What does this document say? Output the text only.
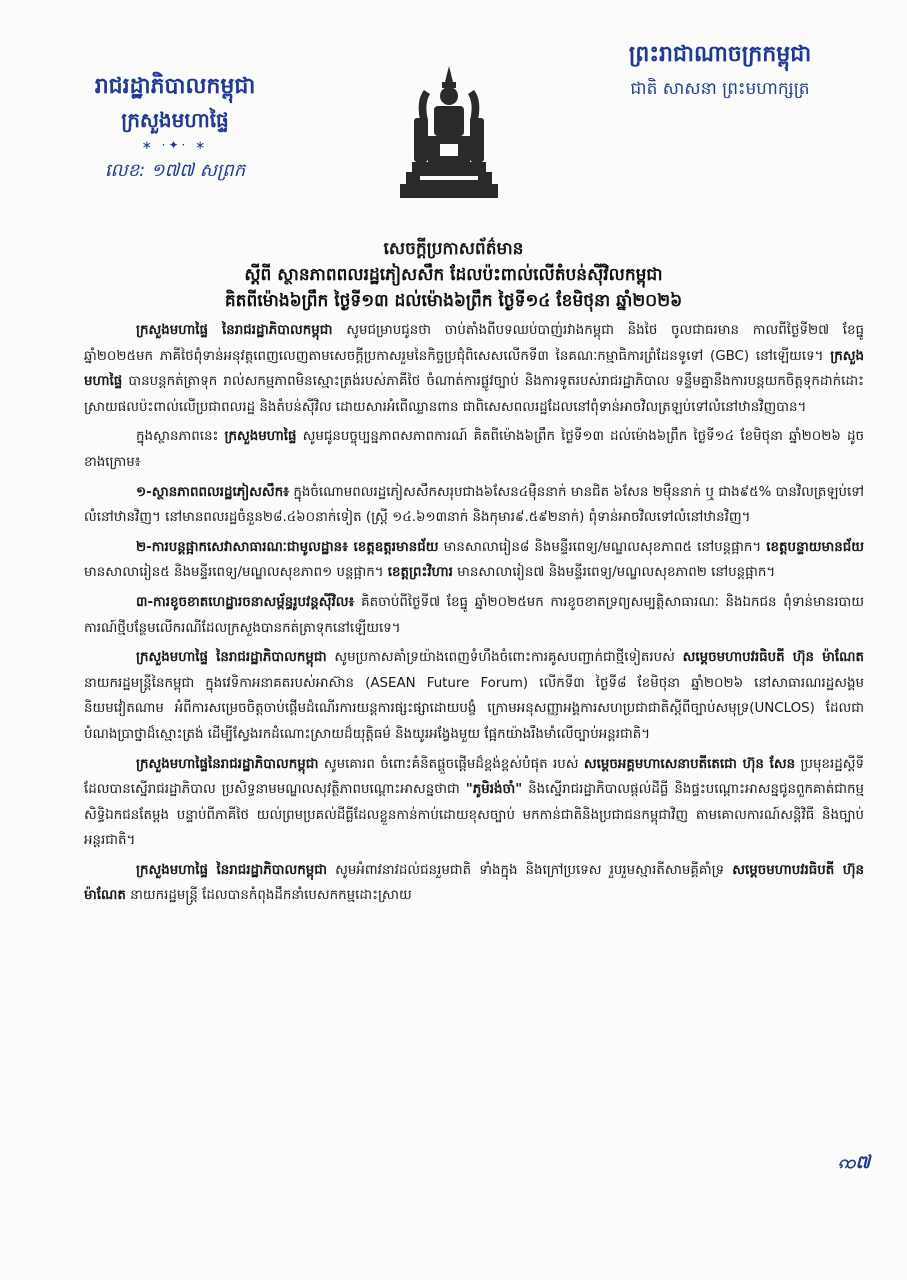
រាជរដ្ឋាភិបាលកម្ពុជា
ក្រសួងមហាផ្ទៃ
∗ ·✦· ∗
លេខ: ១៧៧ សព្រក
ព្រះរាជាណាចក្រកម្ពុជា
ជាតិ សាសនា ព្រះមហាក្សត្រ
សេចក្តីប្រកាសព័ត៌មាន
ស្តីពី ស្ថានភាពពលរដ្ឋភៀសសឹក ដែលប៉ះពាល់លើតំបន់ស៊ីវិលកម្ពុជា
គិតពីម៉ោង៦ព្រឹក ថ្ងៃទី១៣ ដល់ម៉ោង៦ព្រឹក ថ្ងៃទី១៤ ខែមិថុនា ឆ្នាំ២០២៦

ក្រសួងមហាផ្ទៃ នៃរាជរដ្ឋាភិបាលកម្ពុជា សូមជម្រាបជូនថា ចាប់តាំងពីបទឈប់បាញ់រវាងកម្ពុជា និងថៃ ចូលជាធរមាន កាលពីថ្ងៃទី២៧ ខែធ្នូ ឆ្នាំ២០២៥មក ភាគីថៃពុំទាន់អនុវត្តពេញលេញតាមសេចក្តីប្រកាសរួមនៃកិច្ចប្រជុំពិសេសលើកទី៣ នៃគណៈកម្មាធិការព្រំដែនទូទៅ (GBC) នៅឡើយទេ។ ក្រសួងមហាផ្ទៃ បានបន្តកត់ត្រាទុក រាល់សកម្មភាពមិនស្មោះត្រង់របស់ភាគីថៃ ចំណាត់ការផ្លូវច្បាប់ និងការទូតរបស់រាជរដ្ឋាភិបាល ទន្ទឹមគ្នានឹងការបន្តយកចិត្តទុកដាក់ដោះស្រាយផលប៉ះពាល់លើប្រជាពលរដ្ឋ និងតំបន់ស៊ីវិល ដោយសារអំពើឈ្លានពាន ជាពិសេសពលរដ្ឋដែលនៅពុំទាន់អាចវិលត្រឡប់ទៅលំនៅឋានវិញបាន។

ក្នុងស្ថានភាពនេះ ក្រសួងមហាផ្ទៃ សូមជូនបច្ចុប្បន្នភាពសភាពការណ៍ គិតពីម៉ោង៦ព្រឹក ថ្ងៃទី១៣ ដល់ម៉ោង៦ព្រឹក ថ្ងៃទី១៤ ខែមិថុនា ឆ្នាំ២០២៦ ដូចខាងក្រោម៖

១-ស្ថានភាពពលរដ្ឋភៀសសឹក៖ ក្នុងចំណោមពលរដ្ឋភៀសសឹកសរុបជាង៦សែន៤ម៉ឺននាក់ មានជិត ៦សែន ២ម៉ឺននាក់ ឬ ជាង៩៥% បានវិលត្រឡប់ទៅលំនៅឋានវិញ។ នៅមានពលរដ្ឋចំនួន២៨.៤៦០នាក់ទៀត (ស្ត្រី ១៤.៦១៣នាក់ និងកុមារ៩.៥៩២នាក់) ពុំទាន់អាចវិលទៅលំនៅឋានវិញ។

២-ការបន្តផ្អាកសេវាសាធារណៈជាមូលដ្ឋាន៖ ខេត្តឧត្តរមានជ័យ មានសាលារៀន៨ និងមន្ទីរពេទ្យ/មណ្ឌលសុខភាព៥ នៅបន្តផ្អាក។ ខេត្តបន្ទាយមានជ័យ មានសាលារៀន៥ និងមន្ទីរពេទ្យ/មណ្ឌលសុខភាព១ បន្តផ្អាក។ ខេត្តព្រះវិហារ មានសាលារៀន៧ និងមន្ទីរពេទ្យ/មណ្ឌលសុខភាព២ នៅបន្តផ្អាក។

៣-ការខូចខាតហេដ្ឋារចនាសម្ព័ន្ធរូបវន្តស៊ីវិល៖ គិតចាប់ពីថ្ងៃទី៧ ខែធ្នូ ឆ្នាំ២០២៥មក ការខូចខាតទ្រព្យសម្បត្តិសាធារណៈ និងឯកជន ពុំទាន់មានរបាយការណ៍ថ្មីបន្ថែមលើករណីដែលក្រសួងបានកត់ត្រាទុកនៅឡើយទេ។

ក្រសួងមហាផ្ទៃ នៃរាជរដ្ឋាភិបាលកម្ពុជា សូមប្រកាសគាំទ្រយ៉ាងពេញទំហឹងចំពោះការគូសបញ្ជាក់ជាថ្មីទៀតរបស់ សម្តេចមហាបវរធិបតី ហ៊ុន ម៉ាណែត នាយករដ្ឋមន្ត្រីនៃកម្ពុជា ក្នុងវេទិកាអនាគតរបស់អាស៊ាន (ASEAN Future Forum) លើកទី៣ ថ្ងៃទី៨ ខែមិថុនា ឆ្នាំ២០២៦ នៅសាធារណរដ្ឋសង្គមនិយមវៀតណាម អំពីការសម្រេចចិត្តចាប់ផ្តើមដំណើរការយន្តការផ្សះផ្សាដោយបង្ខំ ក្រោមអនុសញ្ញាអង្គការសហប្រជាជាតិស្តីពីច្បាប់សមុទ្រ(UNCLOS) ដែលជាបំណងប្រាថ្នាដ៏ស្មោះត្រង់ ដើម្បីស្វែងរកដំណោះស្រាយដ៏យុត្តិធម៌ និងយូរអង្វែងមួយ ផ្អែកយ៉ាងរឹងមាំលើច្បាប់អន្តរជាតិ។

ក្រសួងមហាផ្ទៃនៃរាជរដ្ឋាភិបាលកម្ពុជា សូមគោរព ចំពោះគំនិតផ្តួចផ្តើមដ៏ខ្ពង់ខ្ពស់បំផុត របស់ សម្តេចអគ្គមហាសេនាបតីតេជោ ហ៊ុន សែន ប្រមុខរដ្ឋស្តីទី ដែលបានស្នើរាជរដ្ឋាភិបាល ប្រសិទ្ធនាមមណ្ឌលសុវត្ថិភាពបណ្តោះអាសន្នថាជា "ភូមិរង់ចាំ" និងស្នើរាជរដ្ឋាភិបាលផ្តល់ដីធ្លី និងផ្ទះបណ្តោះអាសន្នជូនពួកគាត់ជាកម្មសិទ្ធិឯកជនតែម្តង បន្ទាប់ពីភាគីថៃ យល់ព្រមប្រគល់ដីធ្លីដែលខ្លួនកាន់កាប់ដោយខុសច្បាប់ មកកាន់ជាតិនិងប្រជាជនកម្ពុជាវិញ តាមគោលការណ៍សន្តិវិធី និងច្បាប់អន្តរជាតិ។

ក្រសួងមហាផ្ទៃ នៃរាជរដ្ឋាភិបាលកម្ពុជា សូមអំពាវនាវដល់ជនរួមជាតិ ទាំងក្នុង និងក្រៅប្រទេស រួបរួមស្មារតីសាមគ្គីគាំទ្រ សម្តេចមហាបវរធិបតី ហ៊ុន ម៉ាណែត នាយករដ្ឋមន្ត្រី ដែលបានកំពុងដឹកនាំបេសកកម្មដោះស្រាយ

ꩡ៧
